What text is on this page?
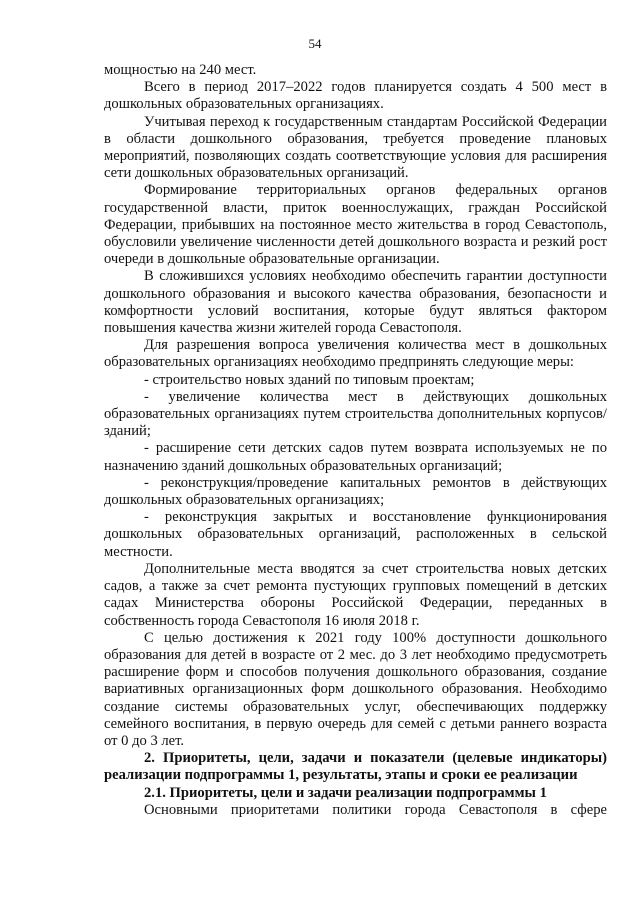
54

мощностью на 240 мест.

Всего в период 2017–2022 годов планируется создать 4 500 мест в дошкольных образовательных организациях.

Учитывая переход к государственным стандартам Российской Федерации в области дошкольного образования, требуется проведение плановых мероприятий, позволяющих создать соответствующие условия для расширения сети дошкольных образовательных организаций.

Формирование территориальных органов федеральных органов государственной власти, приток военнослужащих, граждан Российской Федерации, прибывших на постоянное место жительства в город Севастополь, обусловили увеличение численности детей дошкольного возраста и резкий рост очереди в дошкольные образовательные организации.

В сложившихся условиях необходимо обеспечить гарантии доступности дошкольного образования и высокого качества образования, безопасности и комфортности условий воспитания, которые будут являться фактором повышения качества жизни жителей города Севастополя.

Для разрешения вопроса увеличения количества мест в дошкольных образовательных организациях необходимо предпринять следующие меры:

- строительство новых зданий по типовым проектам;

- увеличение количества мест в действующих дошкольных образовательных организациях путем строительства дополнительных корпусов/зданий;

- расширение сети детских садов путем возврата используемых не по назначению зданий дошкольных образовательных организаций;

- реконструкция/проведение капитальных ремонтов в действующих дошкольных образовательных организациях;

- реконструкция закрытых и восстановление функционирования дошкольных образовательных организаций, расположенных в сельской местности.

Дополнительные места вводятся за счет строительства новых детских садов, а также за счет ремонта пустующих групповых помещений в детских садах Министерства обороны Российской Федерации, переданных в собственность города Севастополя 16 июля 2018 г.

С целью достижения к 2021 году 100% доступности дошкольного образования для детей в возрасте от 2 мес. до 3 лет необходимо предусмотреть расширение форм и способов получения дошкольного образования, создание вариативных организационных форм дошкольного образования. Необходимо создание системы образовательных услуг, обеспечивающих поддержку семейного воспитания, в первую очередь для семей с детьми раннего возраста от 0 до 3 лет.

2. Приоритеты, цели, задачи и показатели (целевые индикаторы) реализации подпрограммы 1, результаты, этапы и сроки ее реализации

2.1. Приоритеты, цели и задачи реализации подпрограммы 1

Основными приоритетами политики города Севастополя в сфере
